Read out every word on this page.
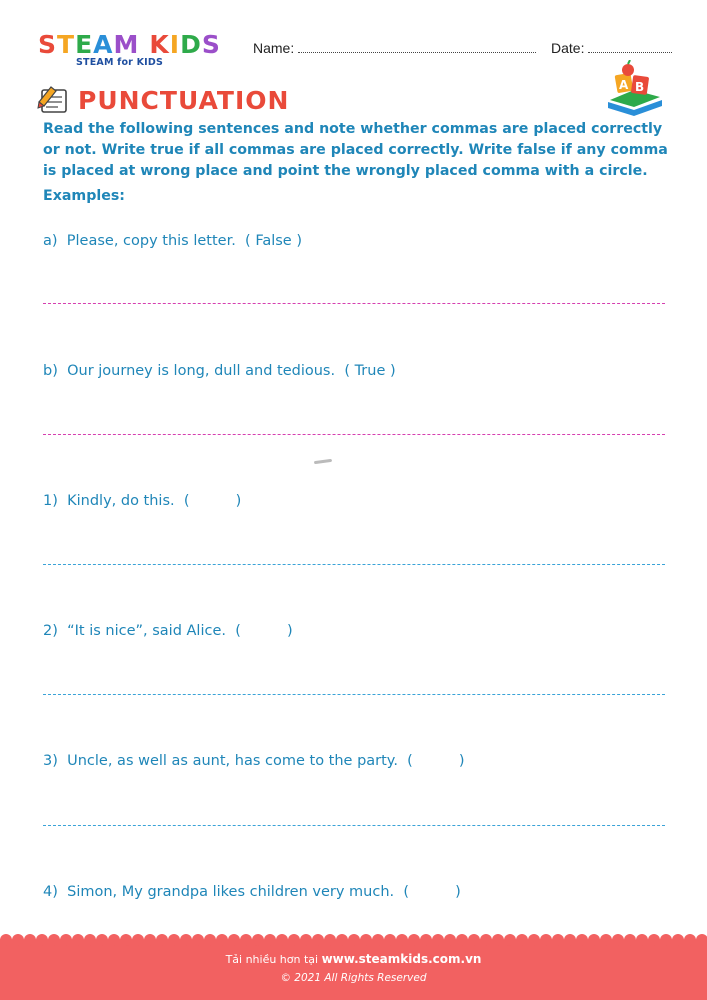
STEAM KIDS
STEAM for KIDS
Name:	Date:
PUNCTUATION
A B
Read the following sentences and note whether commas are placed correctly or not. Write true if all commas are placed correctly. Write false if any comma is placed at wrong place and point the wrongly placed comma with a circle.
Examples:
a) Please, copy this letter. ( False )
b) Our journey is long, dull and tedious. ( True )
1) Kindly, do this. (          )
2) “It is nice”, said Alice. (          )
3) Uncle, as well as aunt, has come to the party. (          )
4) Simon, My grandpa likes children very much. (          )
Tải nhiều hơn tại www.steamkids.com.vn
© 2021 All Rights Reserved
